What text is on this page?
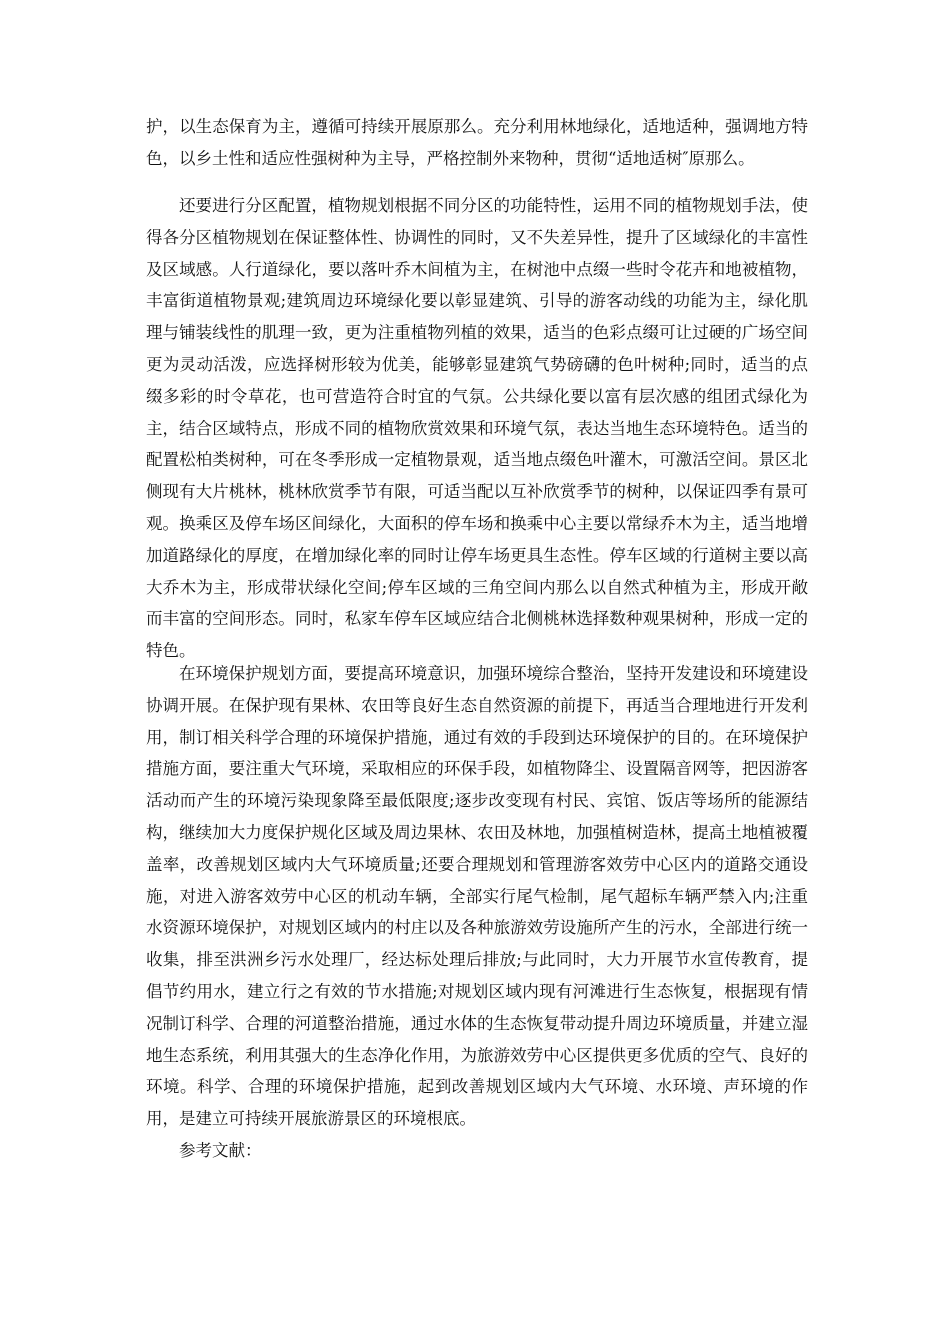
护，以生态保育为主，遵循可持续开展原那么。充分利用林地绿化，适地适种，强调地方特色，以乡土性和适应性强树种为主导，严格控制外来物种，贯彻“适地适树″原那么。

还要进行分区配置，植物规划根据不同分区的功能特性，运用不同的植物规划手法，使得各分区植物规划在保证整体性、协调性的同时，又不失差异性，提升了区域绿化的丰富性及区域感。人行道绿化，要以落叶乔木间植为主，在树池中点缀一些时令花卉和地被植物，丰富街道植物景观;建筑周边环境绿化要以彰显建筑、引导的游客动线的功能为主，绿化肌理与铺装线性的肌理一致，更为注重植物列植的效果，适当的色彩点缀可让过硬的广场空间更为灵动活泼，应选择树形较为优美，能够彰显建筑气势磅礴的色叶树种;同时，适当的点缀多彩的时令草花，也可营造符合时宜的气氛。公共绿化要以富有层次感的组团式绿化为主，结合区域特点，形成不同的植物欣赏效果和环境气氛，表达当地生态环境特色。适当的配置松柏类树种，可在冬季形成一定植物景观，适当地点缀色叶灌木，可激活空间。景区北侧现有大片桃林，桃林欣赏季节有限，可适当配以互补欣赏季节的树种，以保证四季有景可观。换乘区及停车场区间绿化，大面积的停车场和换乘中心主要以常绿乔木为主，适当地增加道路绿化的厚度，在增加绿化率的同时让停车场更具生态性。停车区域的行道树主要以高大乔木为主，形成带状绿化空间;停车区域的三角空间内那么以自然式种植为主，形成开敞而丰富的空间形态。同时，私家车停车区域应结合北侧桃林选择数种观果树种，形成一定的特色。

在环境保护规划方面，要提高环境意识，加强环境综合整治，坚持开发建设和环境建设协调开展。在保护现有果林、农田等良好生态自然资源的前提下，再适当合理地进行开发利用，制订相关科学合理的环境保护措施，通过有效的手段到达环境保护的目的。在环境保护措施方面，要注重大气环境，采取相应的环保手段，如植物降尘、设置隔音网等，把因游客活动而产生的环境污染现象降至最低限度;逐步改变现有村民、宾馆、饭店等场所的能源结构，继续加大力度保护规化区域及周边果林、农田及林地，加强植树造林，提高土地植被覆盖率，改善规划区域内大气环境质量;还要合理规划和管理游客效劳中心区内的道路交通设施，对进入游客效劳中心区的机动车辆，全部实行尾气检制，尾气超标车辆严禁入内;注重水资源环境保护，对规划区域内的村庄以及各种旅游效劳设施所产生的污水，全部进行统一收集，排至洪洲乡污水处理厂，经达标处理后排放;与此同时，大力开展节水宣传教育，提倡节约用水，建立行之有效的节水措施;对规划区域内现有河滩进行生态恢复，根据现有情况制订科学、合理的河道整治措施，通过水体的生态恢复带动提升周边环境质量，并建立湿地生态系统，利用其强大的生态净化作用，为旅游效劳中心区提供更多优质的空气、良好的环境。科学、合理的环境保护措施，起到改善规划区域内大气环境、水环境、声环境的作用，是建立可持续开展旅游景区的环境根底。

参考文献：
